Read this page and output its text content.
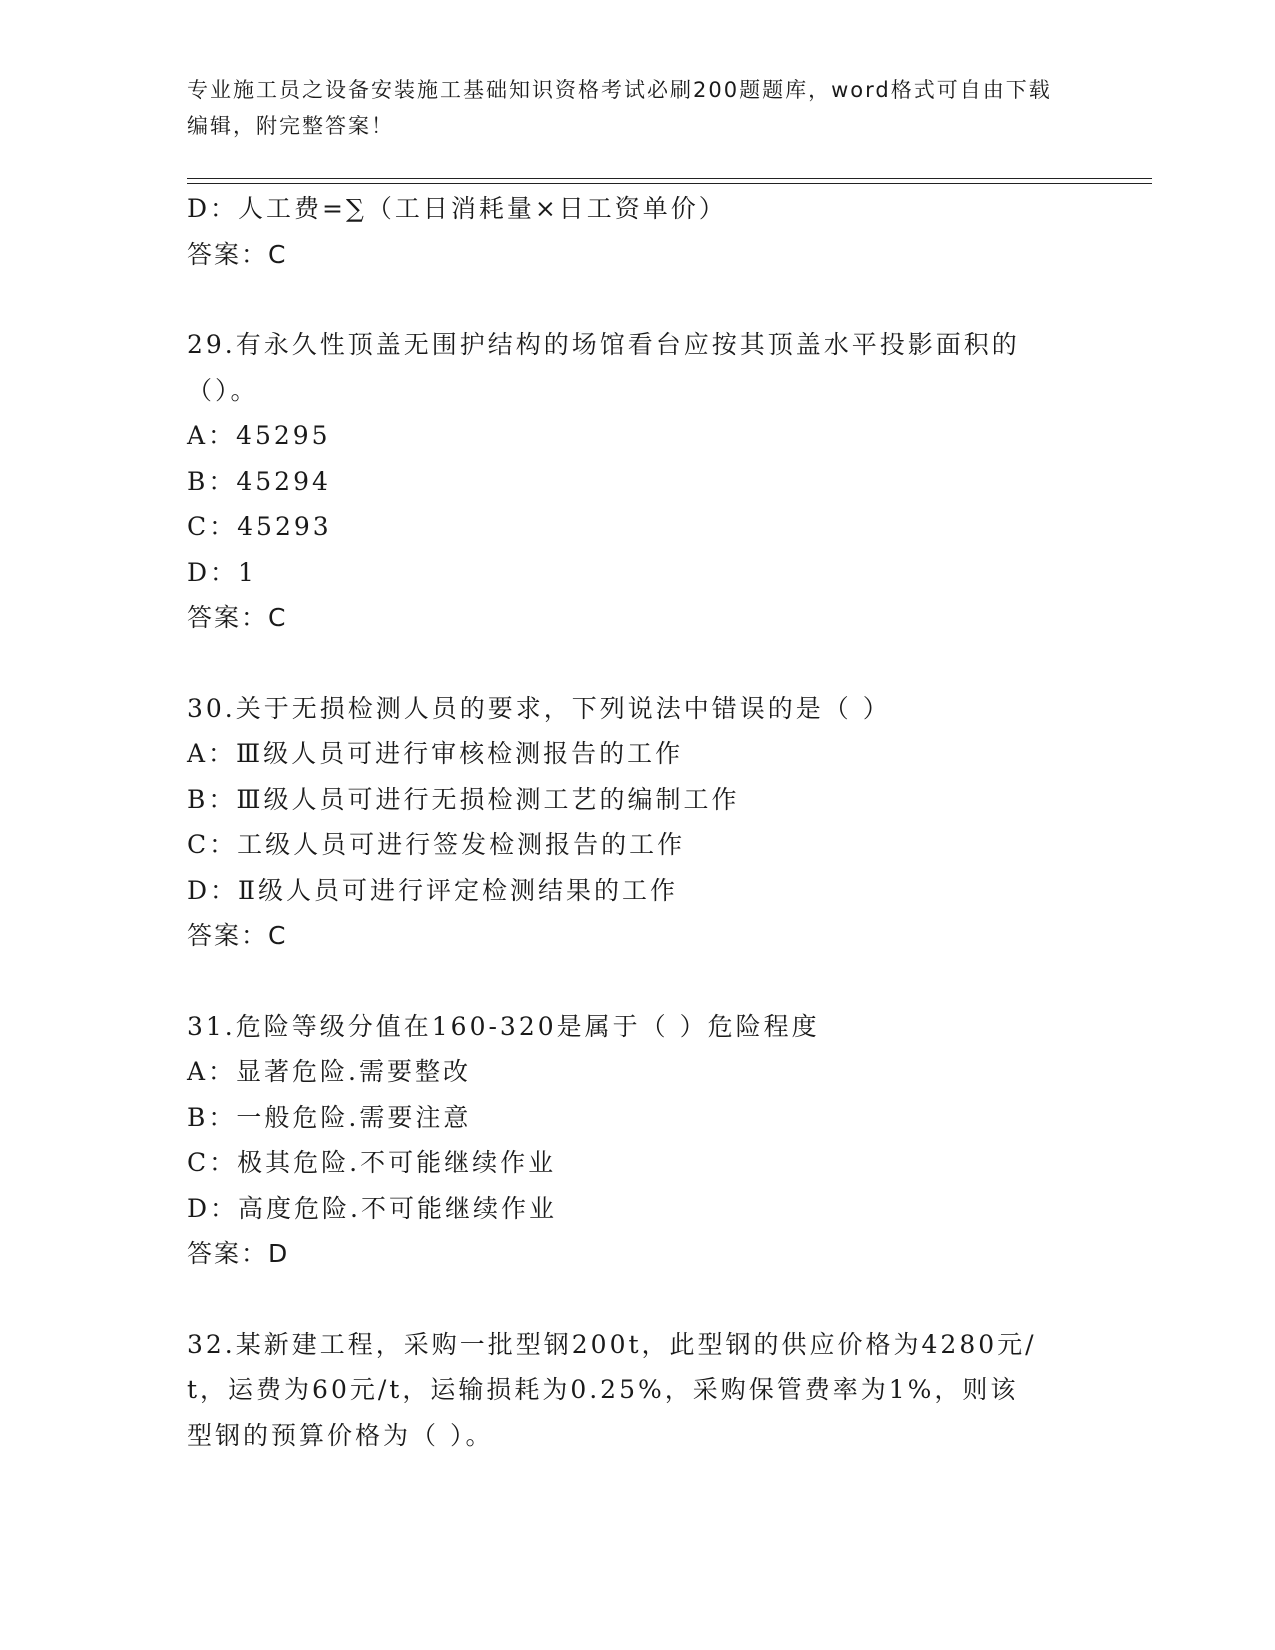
专业施工员之设备安装施工基础知识资格考试必刷200题题库，word格式可自由下载编辑，附完整答案！
D：人工费=∑（工日消耗量×日工资单价）
答案：C
29.有永久性顶盖无围护结构的场馆看台应按其顶盖水平投影面积的（）。
A：45295
B：45294
C：45293
D：1
答案：C
30.关于无损检测人员的要求，下列说法中错误的是（ ）
A：Ⅲ级人员可进行审核检测报告的工作
B：Ⅲ级人员可进行无损检测工艺的编制工作
C：工级人员可进行签发检测报告的工作
D：Ⅱ级人员可进行评定检测结果的工作
答案：C
31.危险等级分值在160-320是属于（ ）危险程度
A：显著危险.需要整改
B：一般危险.需要注意
C：极其危险.不可能继续作业
D：高度危险.不可能继续作业
答案：D
32.某新建工程，采购一批型钢200t，此型钢的供应价格为4280元/t，运费为60元/t，运输损耗为0.25%，采购保管费率为1%，则该型钢的预算价格为（ ）。
